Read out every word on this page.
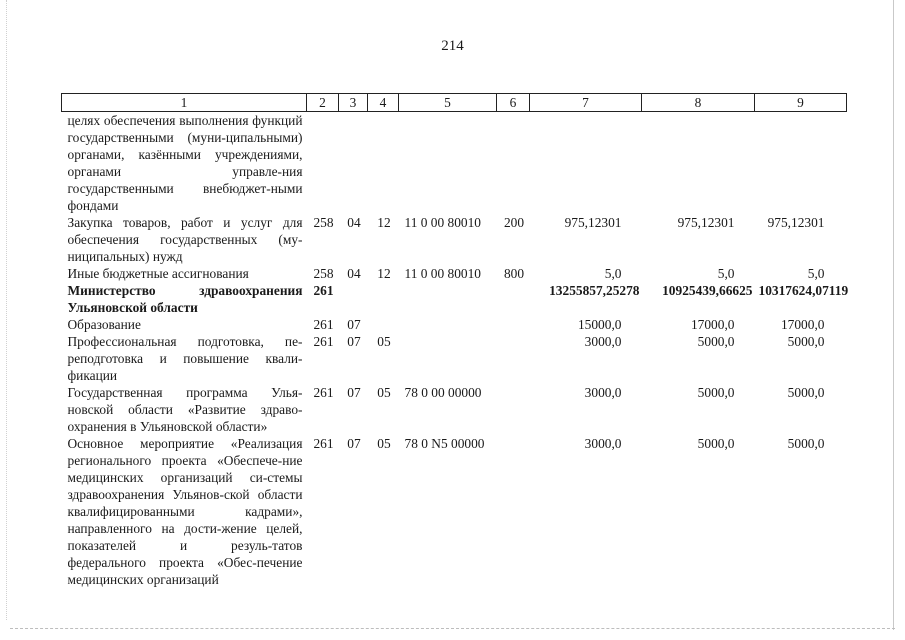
214
1	2	3	4	5	6	7	8	9
целях обеспечения выполнения функций государственными (муни-ципальными) органами, казёнными учреждениями, органами управле-ния государственными внебюджет-ными фондами								
Закупка товаров, работ и услуг для обеспечения государственных (му-ниципальных) нужд	258	04	12	11 0 00 80010	200	975,12301	975,12301	975,12301
Иные бюджетные ассигнования	258	04	12	11 0 00 80010	800	5,0	5,0	5,0
Министерство здравоохранения Ульяновской области	261					13255857,25278	10925439,66625	10317624,07119
Образование	261	07				15000,0	17000,0	17000,0
Профессиональная подготовка, пе-реподготовка и повышение квали-фикации	261	07	05			3000,0	5000,0	5000,0
Государственная программа Улья-новской области «Развитие здраво-охранения в Ульяновской области»	261	07	05	78 0 00 00000		3000,0	5000,0	5000,0
Основное мероприятие «Реализация регионального проекта «Обеспече-ние медицинских организаций си-стемы здравоохранения Ульянов-ской области квалифицированными кадрами», направленного на дости-жение целей, показателей и резуль-татов федерального проекта «Обес-печение медицинских организаций	261	07	05	78 0 N5 00000		3000,0	5000,0	5000,0
